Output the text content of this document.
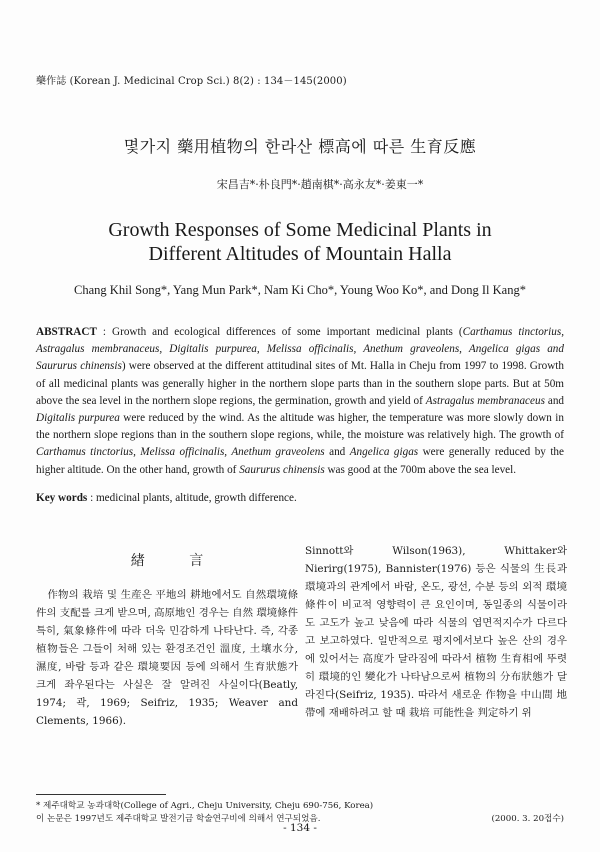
藥作誌 (Korean J. Medicinal Crop Sci.) 8(2) : 134－145(2000)
몇가지 藥用植物의 한라산 標高에 따른 生育反應
宋昌吉*·朴良門*·趙南棋*·高永友*·姜東一*
Growth Responses of Some Medicinal Plants in
Different Altitudes of Mountain Halla
Chang Khil Song*, Yang Mun Park*, Nam Ki Cho*, Young Woo Ko*, and Dong Il Kang*
ABSTRACT : Growth and ecological differences of some important medicinal plants (Carthamus tinctorius, Astragalus membranaceus, Digitalis purpurea, Melissa officinalis, Anethum graveolens, Angelica gigas and Saururus chinensis) were observed at the different attitudinal sites of Mt. Halla in Cheju from 1997 to 1998. Growth of all medicinal plants was generally higher in the northern slope parts than in the southern slope parts. But at 50m above the sea level in the northern slope regions, the germination, growth and yield of Astragalus membranaceus and Digitalis purpurea were reduced by the wind. As the altitude was higher, the temperature was more slowly down in the northern slope regions than in the southern slope regions, while, the moisture was relatively high. The growth of Carthamus tinctorius, Melissa officinalis, Anethum graveolens and Angelica gigas were generally reduced by the higher altitude. On the other hand, growth of Saururus chinensis was good at the 700m above the sea level.
Key words : medicinal plants, altitude, growth difference.
緖 言

作物의 栽培 및 生産은 平地의 耕地에서도 自然環境條件의 支配를 크게 받으며, 高原地인 경우는 自然 環境條件 특히, 氣象條件에 따라 더욱 민감하게 나타난다. 즉, 각종 植物들은 그들이 처해 있는 환경조건인 溫度, 土壤水分, 濕度, 바람 등과 같은 環境要因 등에 의해서 生育狀態가 크게 좌우된다는 사실은 잘 알려진 사실이다(Beatly, 1974; 곽, 1969; Seifriz, 1935; Weaver and Clements, 1966).

Sinnott와 Wilson(1963), Whittaker와 Nierirg(1975), Bannister(1976) 등은 식물의 生長과 環境과의 관계에서 바람, 온도, 광선, 수분 등의 외적 環境條件이 비교적 영향력이 큰 요인이며, 동일종의 식물이라도 고도가 높고 낮음에 따라 식물의 엽면적지수가 다르다고 보고하였다. 일반적으로 평지에서보다 높은 산의 경우에 있어서는 高度가 달라짐에 따라서 植物 生育相에 뚜렷히 環境的인 變化가 나타남으로써 植物의 分布狀態가 달라진다(Seifriz, 1935). 따라서 새로운 作物을 中山間 地帶에 재배하려고 할 때 栽培 可能性을 判定하기 위

* 제주대학교 농과대학(College of Agri., Cheju University, Cheju 690-756, Korea)
이 논문은 1997년도 제주대학교 발전기금 학술연구비에 의해서 연구되었음.	(2000. 3. 20접수)
- 134 -
